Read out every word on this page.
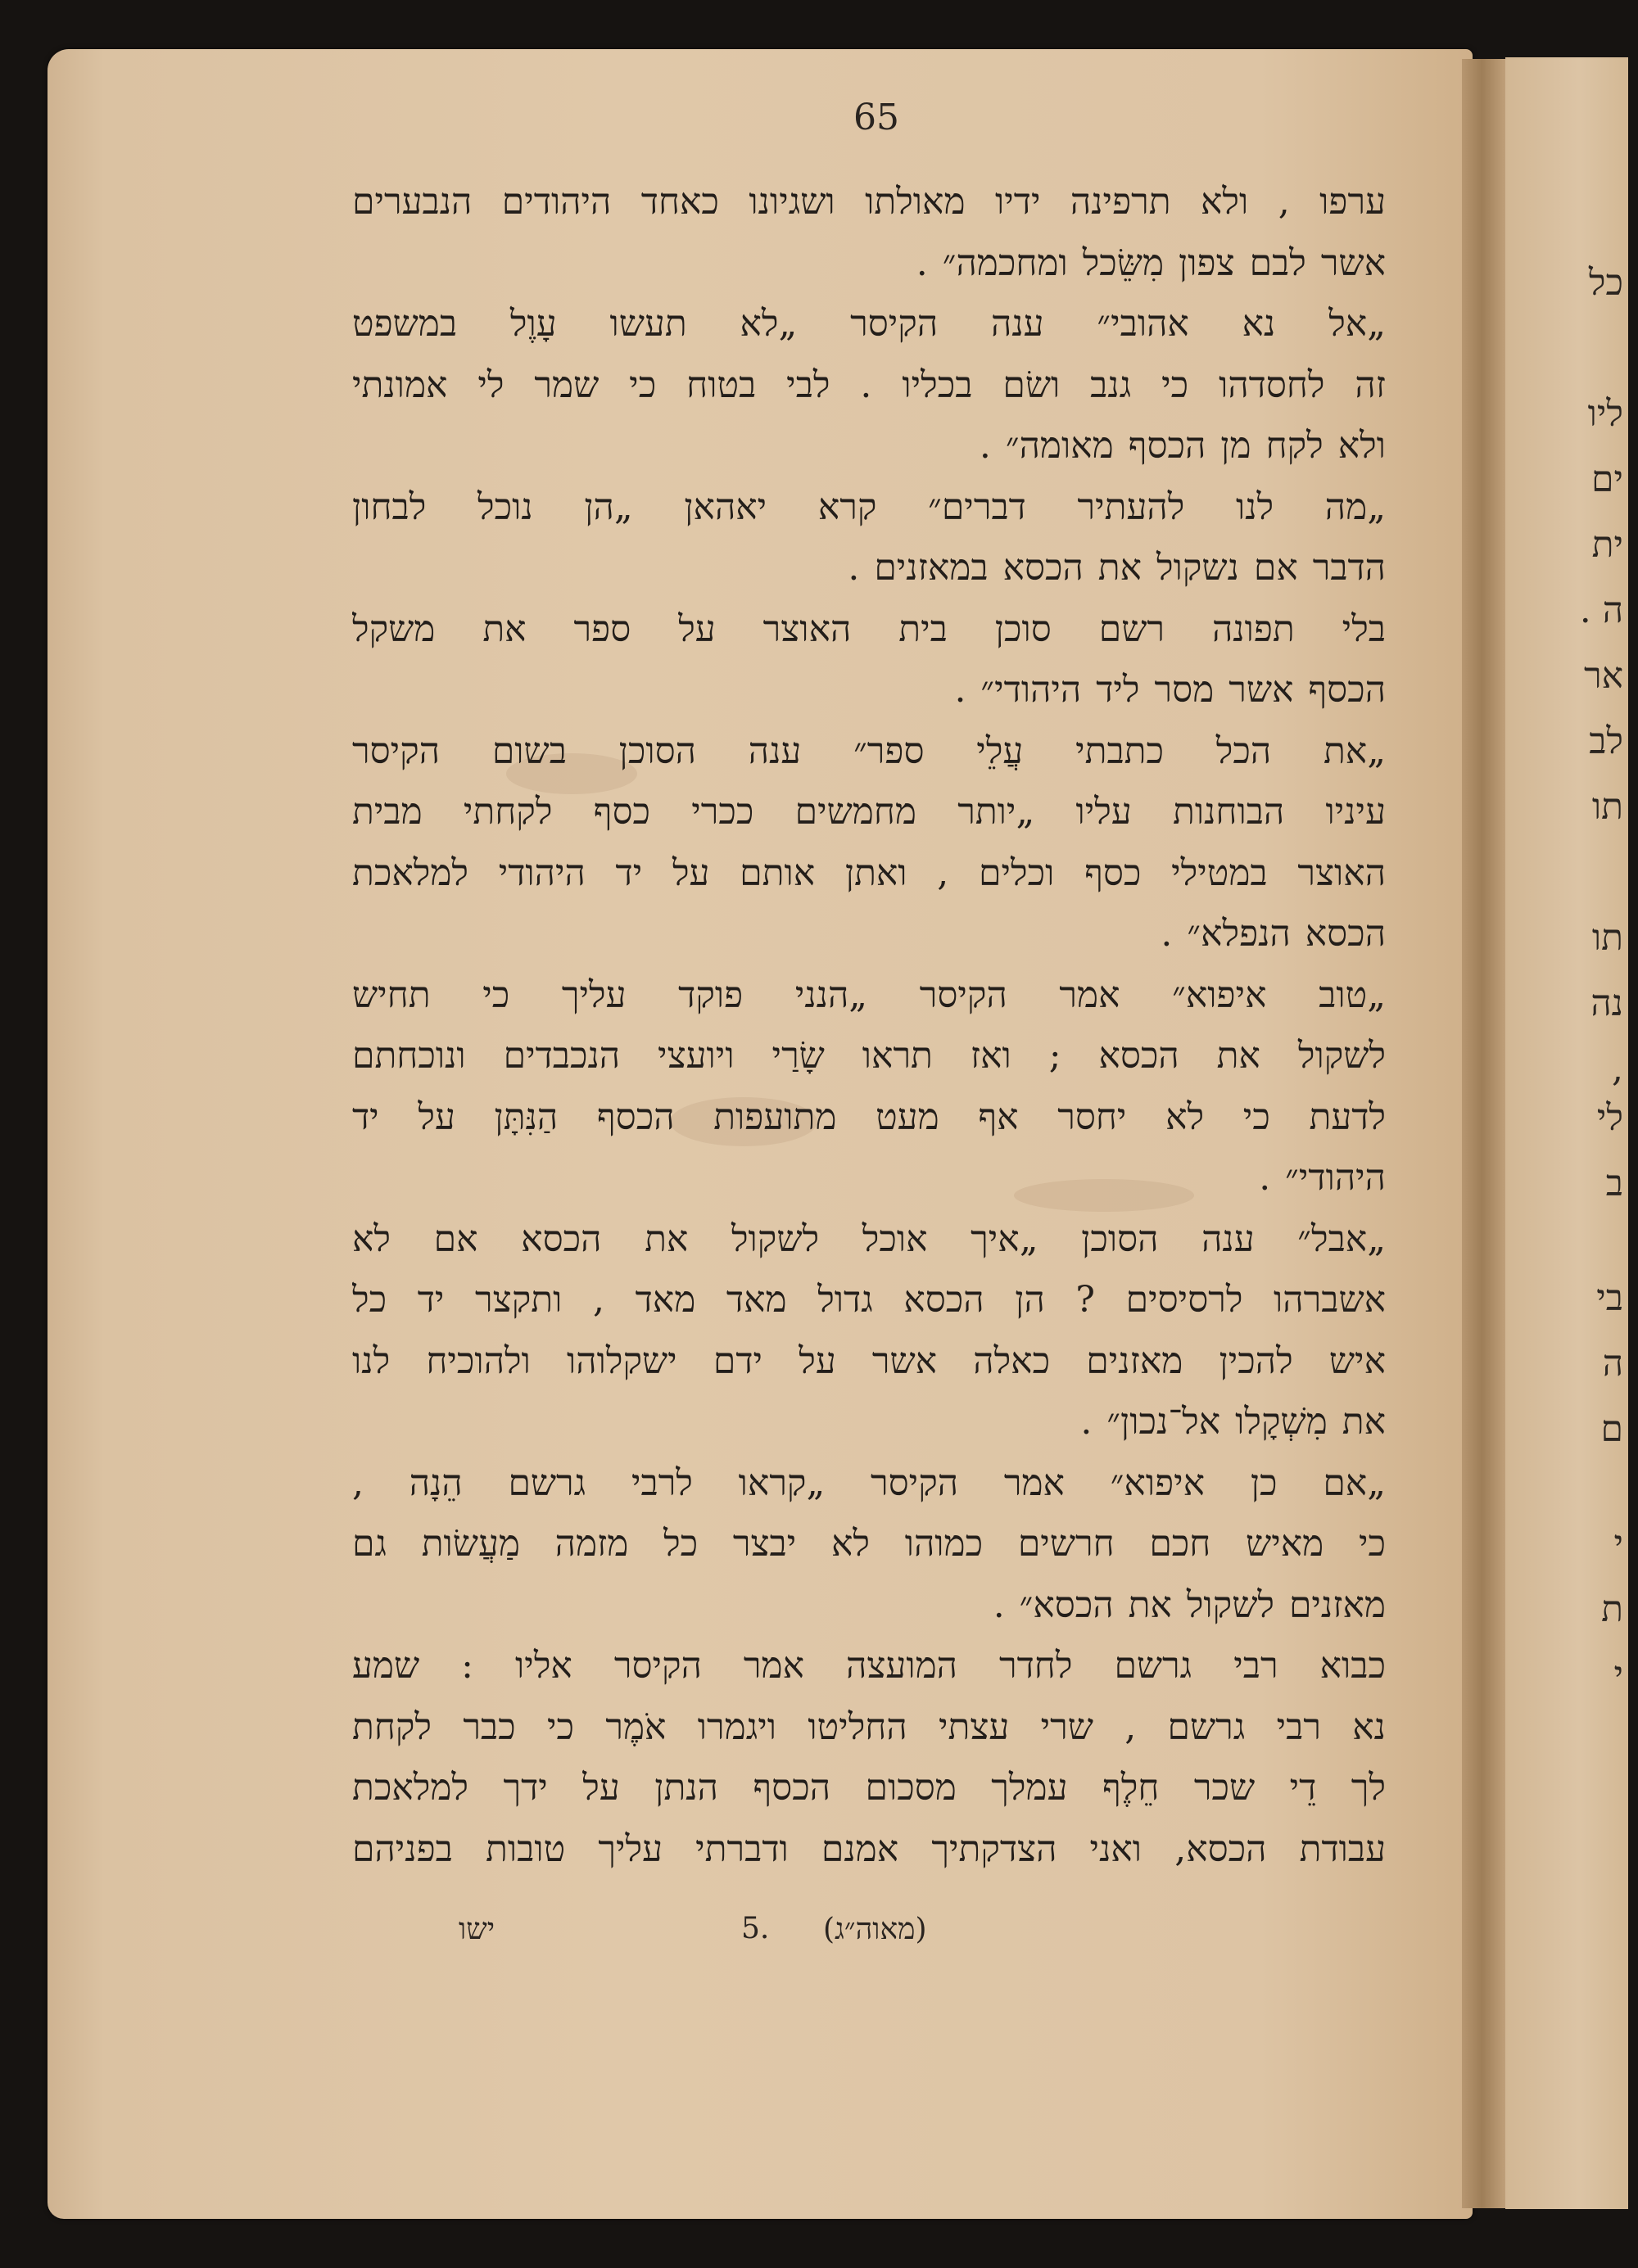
65
ערפו , ולא תרפינה ידיו מאולתו ושגיונו כאחד היהודים הנבערים
אשר לבם צפון מִשֵּׂכל ומחכמה״ .
„אל נא אהובי״ ענה הקיסר „לא תעשו עָוֶל במשפט
זה לחסדהו כי גנב ושׂם בכליו . לבי בטוח כי שמר לי אמונתי
ולא לקח מן הכסף מאומה״ .
„מה לנו להעתיר דברים״ קרא יאהאן „הן נוכל לבחון
הדבר אם נשקול את הכסא במאזנים .
בלי תפונה רשם סוכן בית האוצר על ספר את משקל
הכסף אשר מסר ליד היהודי״ .
„את הכל כתבתי עֲלֵי ספר״ ענה הסוכן בשום הקיסר
עיניו הבוחנות עליו „יותר מחמשים ככרי כסף לקחתי מבית
האוצר במטילי כסף וכלים , ואתן אותם על יד היהודי למלאכת
הכסא הנפלא״ .
„טוב איפוא״ אמר הקיסר „הנני פוקד עליך כי תחיש
לשקול את הכסא ; ואז תראו שָׂרַי ויועצי הנכבדים ונוכחתם
לדעת כי לא יחסר אף מעט מתועפות הכסף הַנִּתָּן על יד
היהודי״ .
„אבל״ ענה הסוכן „איך אוכל לשקול את הכסא אם לא
אשברהו לרסיסים ? הן הכסא גדול מאד מאד , ותקצר יד כל
איש להכין מאזנים כאלה אשר על ידם ישקלוהו ולהוכיח לנו
את מִשְׁקָלו אל־נכון״ .
„אם כן איפוא״ אמר הקיסר „קראו לרבי גרשם הֵנָה ,
כי מאיש חכם חרשים כמוהו לא יבצר כל מזמה מַעֲשׂות גם
מאזנים לשקול את הכסא״ .
כבוא רבי גרשם לחדר המועצה אמר הקיסר אליו : שמע
נא רבי גרשם , שרי עצתי החליטו ויגמרו אֹמֶר כי כבר לקחת
לך דֵי שכר חֵלֶף עמלך מסכום הכסף הנתן על ידך למלאכת
עבודת הכסא, ואני הצדקתיך אמנם ודברתי עליך טובות בפניהם
ישו	5. (מאוה״ג)
כל
ליו
ים
ית
ה .
אר
לב
תו
תו
נה
,
לי
ב
בי
ה
ם
י
ת
י
